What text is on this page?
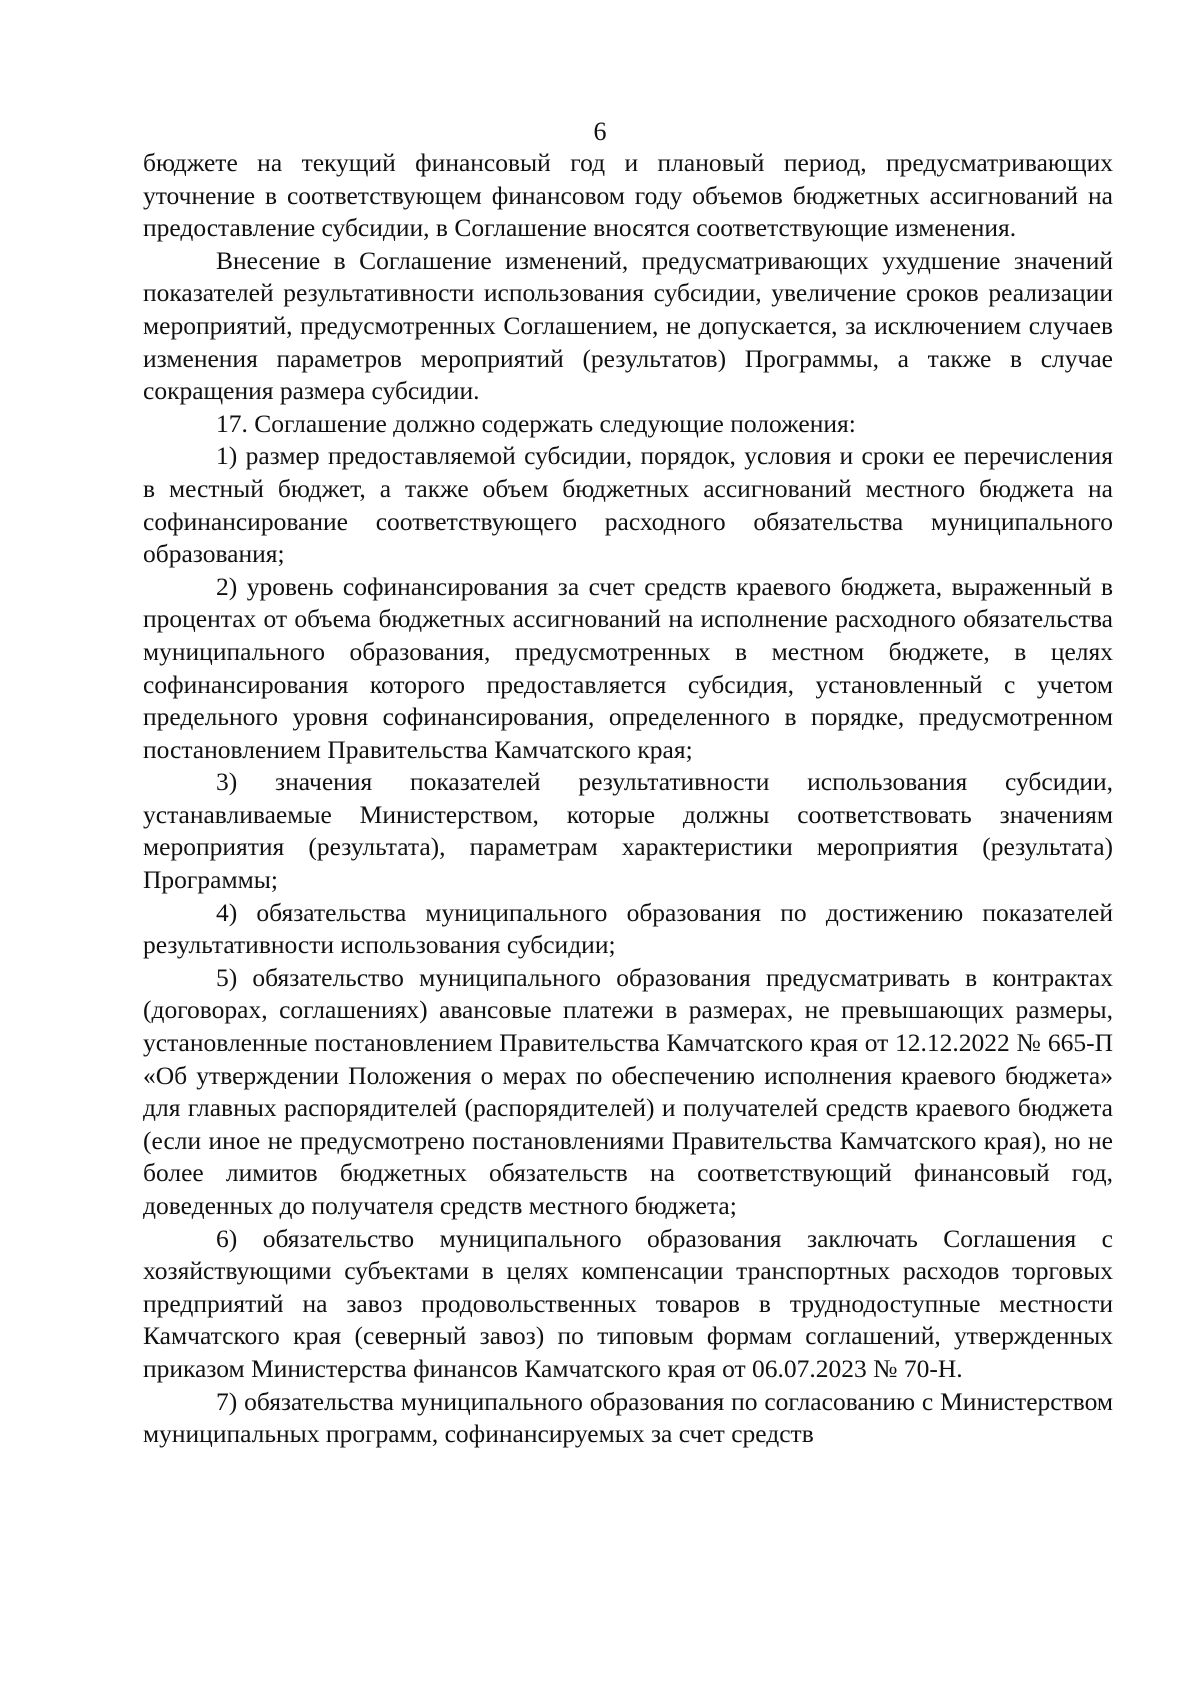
6

бюджете на текущий финансовый год и плановый период, предусматривающих уточнение в соответствующем финансовом году объемов бюджетных ассигнований на предоставление субсидии, в Соглашение вносятся соответствующие изменения.

Внесение в Соглашение изменений, предусматривающих ухудшение значений показателей результативности использования субсидии, увеличение сроков реализации мероприятий, предусмотренных Соглашением, не допускается, за исключением случаев изменения параметров мероприятий (результатов) Программы, а также в случае сокращения размера субсидии.

17. Соглашение должно содержать следующие положения:

1) размер предоставляемой субсидии, порядок, условия и сроки ее перечисления в местный бюджет, а также объем бюджетных ассигнований местного бюджета на софинансирование соответствующего расходного обязательства муниципального образования;

2) уровень софинансирования за счет средств краевого бюджета, выраженный в процентах от объема бюджетных ассигнований на исполнение расходного обязательства муниципального образования, предусмотренных в местном бюджете, в целях софинансирования которого предоставляется субсидия, установленный с учетом предельного уровня софинансирования, определенного в порядке, предусмотренном постановлением Правительства Камчатского края;

3) значения показателей результативности использования субсидии, устанавливаемые Министерством, которые должны соответствовать значениям мероприятия (результата), параметрам характеристики мероприятия (результата) Программы;

4) обязательства муниципального образования по достижению показателей результативности использования субсидии;

5) обязательство муниципального образования предусматривать в контрактах (договорах, соглашениях) авансовые платежи в размерах, не превышающих размеры, установленные постановлением Правительства Камчатского края от 12.12.2022 № 665-П «Об утверждении Положения о мерах по обеспечению исполнения краевого бюджета» для главных распорядителей (распорядителей) и получателей средств краевого бюджета (если иное не предусмотрено постановлениями Правительства Камчатского края), но не более лимитов бюджетных обязательств на соответствующий финансовый год, доведенных до получателя средств местного бюджета;

6) обязательство муниципального образования заключать Соглашения с хозяйствующими субъектами в целях компенсации транспортных расходов торговых предприятий на завоз продовольственных товаров в труднодоступные местности Камчатского края (северный завоз) по типовым формам соглашений, утвержденных приказом Министерства финансов Камчатского края от 06.07.2023 № 70-Н.

7) обязательства муниципального образования по согласованию с Министерством муниципальных программ, софинансируемых за счет средств
